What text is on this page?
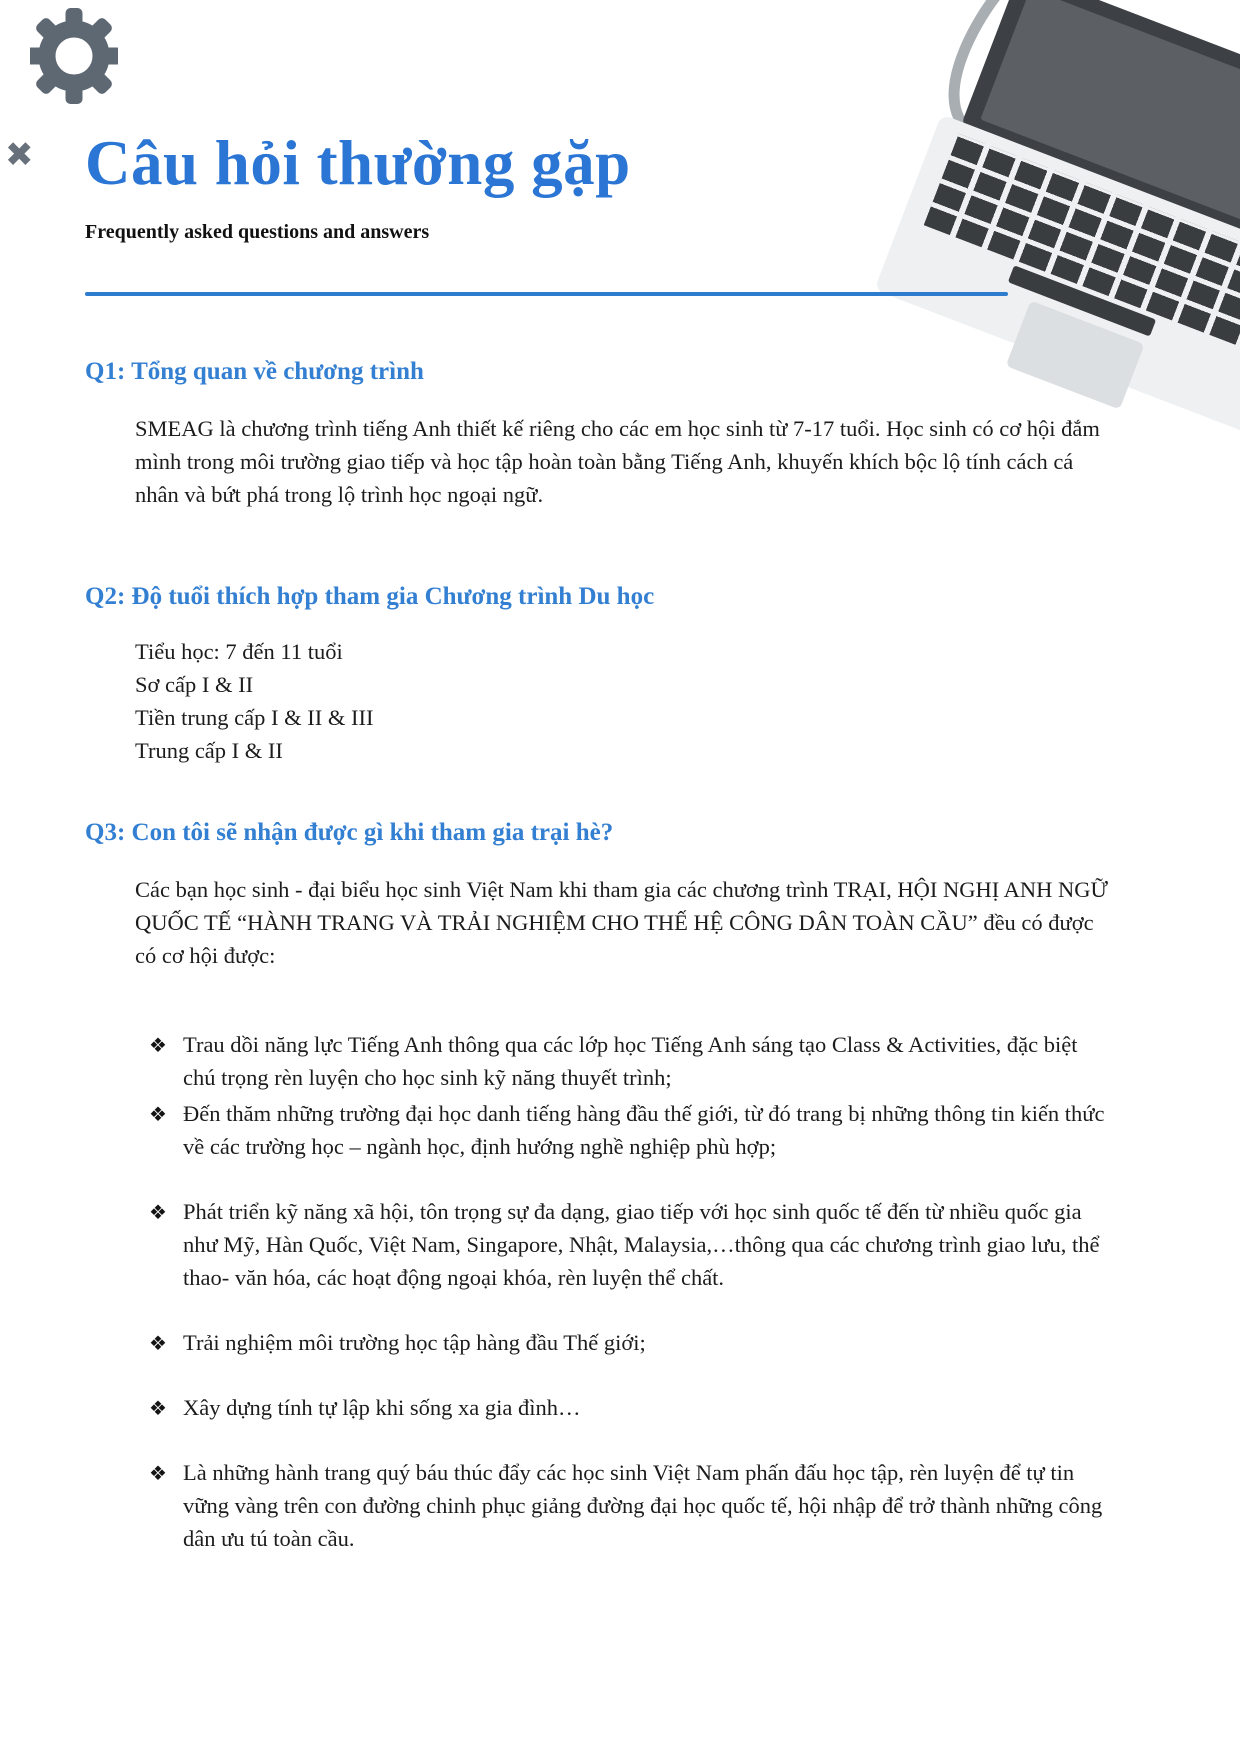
✖ Câu hỏi thường gặp
Frequently asked questions and answers
Q1: Tổng quan về chương trình

SMEAG là chương trình tiếng Anh thiết kế riêng cho các em học sinh từ 7-17 tuổi. Học sinh có cơ hội đắm mình trong môi trường giao tiếp và học tập hoàn toàn bằng Tiếng Anh, khuyến khích bộc lộ tính cách cá nhân và bứt phá trong lộ trình học ngoại ngữ.

Q2: Độ tuổi thích hợp tham gia Chương trình Du học
Tiểu học: 7 đến 11 tuổi
Sơ cấp I & II
Tiền trung cấp I & II & III
Trung cấp I & II
Q3: Con tôi sẽ nhận được gì khi tham gia trại hè?

Các bạn học sinh - đại biểu học sinh Việt Nam khi tham gia các chương trình TRẠI, HỘI NGHỊ ANH NGỮ QUỐC TẾ “HÀNH TRANG VÀ TRẢI NGHIỆM CHO THẾ HỆ CÔNG DÂN TOÀN CẦU” đều có được có cơ hội được:

❖ Trau dồi năng lực Tiếng Anh thông qua các lớp học Tiếng Anh sáng tạo Class & Activities, đặc biệt chú trọng rèn luyện cho học sinh kỹ năng thuyết trình;
❖ Đến thăm những trường đại học danh tiếng hàng đầu thế giới, từ đó trang bị những thông tin kiến thức về các trường học – ngành học, định hướng nghề nghiệp phù hợp;
❖ Phát triển kỹ năng xã hội, tôn trọng sự đa dạng, giao tiếp với học sinh quốc tế đến từ nhiều quốc gia như Mỹ, Hàn Quốc, Việt Nam, Singapore, Nhật, Malaysia,…thông qua các chương trình giao lưu, thể thao- văn hóa, các hoạt động ngoại khóa, rèn luyện thể chất.
❖ Trải nghiệm môi trường học tập hàng đầu Thế giới;
❖ Xây dựng tính tự lập khi sống xa gia đình…
❖ Là những hành trang quý báu thúc đẩy các học sinh Việt Nam phấn đấu học tập, rèn luyện để tự tin vững vàng trên con đường chinh phục giảng đường đại học quốc tế, hội nhập để trở thành những công dân ưu tú toàn cầu.
